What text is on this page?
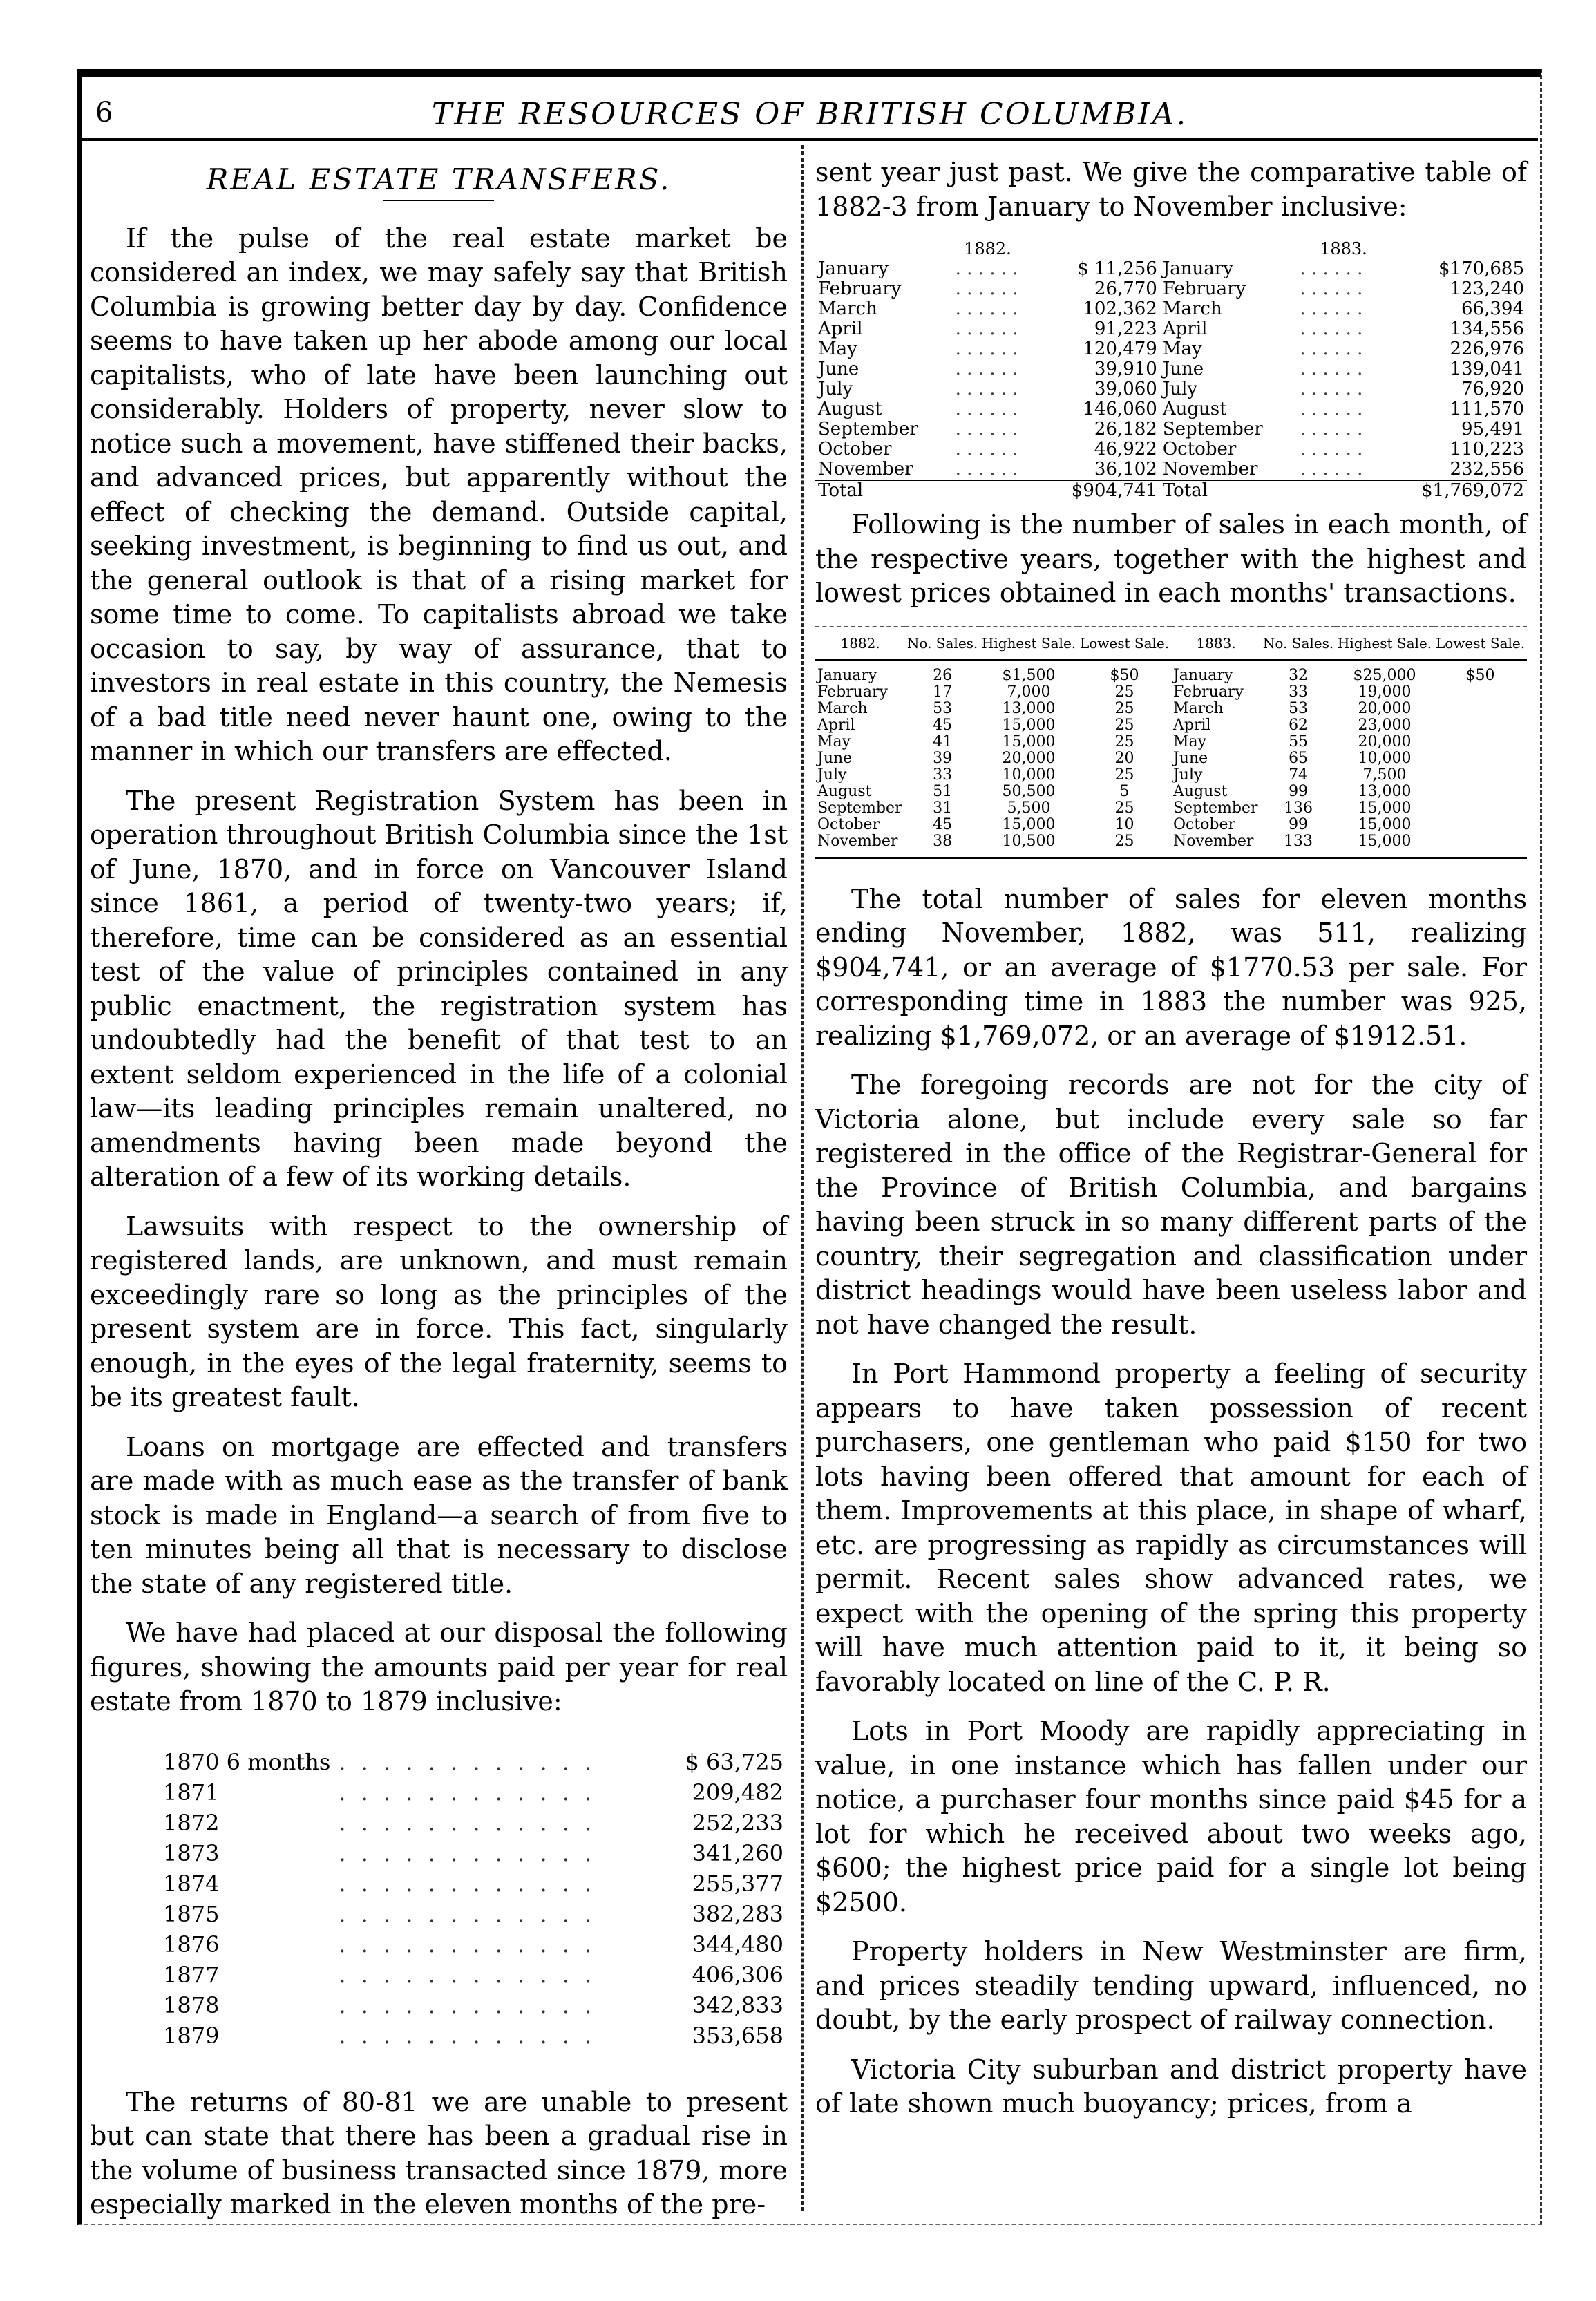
6	THE RESOURCES OF BRITISH COLUMBIA.
REAL ESTATE TRANSFERS.

If the pulse of the real estate market be considered an index, we may safely say that British Columbia is growing better day by day. Confidence seems to have taken up her abode among our local capitalists, who of late have been launching out considerably. Holders of property, never slow to notice such a movement, have stiffened their backs, and advanced prices, but apparently without the effect of checking the demand. Outside capital, seeking investment, is beginning to find us out, and the general outlook is that of a rising market for some time to come. To capitalists abroad we take occasion to say, by way of assurance, that to investors in real estate in this country, the Nemesis of a bad title need never haunt one, owing to the manner in which our transfers are effected.

The present Registration System has been in operation throughout British Columbia since the 1st of June, 1870, and in force on Vancouver Island since 1861, a period of twenty-two years; if, therefore, time can be considered as an essential test of the value of principles contained in any public enactment, the registration system has undoubtedly had the benefit of that test to an extent seldom experienced in the life of a colonial law—its leading principles remain unaltered, no amendments having been made beyond the alteration of a few of its working details.

Lawsuits with respect to the ownership of registered lands, are unknown, and must remain exceedingly rare so long as the principles of the present system are in force. This fact, singularly enough, in the eyes of the legal fraternity, seems to be its greatest fault.

Loans on mortgage are effected and transfers are made with as much ease as the transfer of bank stock is made in England—a search of from five to ten minutes being all that is necessary to disclose the state of any registered title.

We have had placed at our disposal the following figures, showing the amounts paid per year for real estate from 1870 to 1879 inclusive:

1870 6 months	. . . . . . . . . . . .	$ 63,725
1871	. . . . . . . . . . . .	209,482
1872	. . . . . . . . . . . .	252,233
1873	. . . . . . . . . . . .	341,260
1874	. . . . . . . . . . . .	255,377
1875	. . . . . . . . . . . .	382,283
1876	. . . . . . . . . . . .	344,480
1877	. . . . . . . . . . . .	406,306
1878	. . . . . . . . . . . .	342,833
1879	. . . . . . . . . . . .	353,658

The returns of 80-81 we are unable to present but can state that there has been a gradual rise in the volume of business transacted since 1879, more especially marked in the eleven months of the pre-

sent year just past. We give the comparative table of 1882-3 from January to November inclusive:

1882.			1883.		
January	. . . . . .	$ 11,256	January	. . . . . .	$170,685
February	. . . . . .	26,770	February	. . . . . .	123,240
March	. . . . . .	102,362	March	. . . . . .	66,394
April	. . . . . .	91,223	April	. . . . . .	134,556
May	. . . . . .	120,479	May	. . . . . .	226,976
June	. . . . . .	39,910	June	. . . . . .	139,041
July	. . . . . .	39,060	July	. . . . . .	76,920
August	. . . . . .	146,060	August	. . . . . .	111,570
September	. . . . . .	26,182	September	. . . . . .	95,491
October	. . . . . .	46,922	October	. . . . . .	110,223
November	. . . . . .	36,102	November	. . . . . .	232,556
Total		$904,741	Total		$1,769,072

Following is the number of sales in each month, of the respective years, together with the highest and lowest prices obtained in each months' transactions.

1882.	No. Sales.	Highest Sale.	Lowest Sale.	1883.	No. Sales.	Highest Sale.	Lowest Sale.
January	26	$1,500	$50	January	32	$25,000	$50
February	17	7,000	25	February	33	19,000	
March	53	13,000	25	March	53	20,000	
April	45	15,000	25	April	62	23,000	
May	41	15,000	25	May	55	20,000	
June	39	20,000	20	June	65	10,000	
July	33	10,000	25	July	74	7,500	
August	51	50,500	5	August	99	13,000	
September	31	5,500	25	September	136	15,000	
October	45	15,000	10	October	99	15,000	
November	38	10,500	25	November	133	15,000	

The total number of sales for eleven months ending November, 1882, was 511, realizing $904,741, or an average of $1770.53 per sale. For corresponding time in 1883 the number was 925, realizing $1,769,072, or an average of $1912.51.

The foregoing records are not for the city of Victoria alone, but include every sale so far registered in the office of the Registrar-General for the Province of British Columbia, and bargains having been struck in so many different parts of the country, their segregation and classification under district headings would have been useless labor and not have changed the result.

In Port Hammond property a feeling of security appears to have taken possession of recent purchasers, one gentleman who paid $150 for two lots having been offered that amount for each of them. Improvements at this place, in shape of wharf, etc. are progressing as rapidly as circumstances will permit. Recent sales show advanced rates, we expect with the opening of the spring this property will have much attention paid to it, it being so favorably located on line of the C. P. R.

Lots in Port Moody are rapidly appreciating in value, in one instance which has fallen under our notice, a purchaser four months since paid $45 for a lot for which he received about two weeks ago, $600; the highest price paid for a single lot being $2500.

Property holders in New Westminster are firm, and prices steadily tending upward, influenced, no doubt, by the early prospect of railway connection.

Victoria City suburban and district property have of late shown much buoyancy; prices, from a
